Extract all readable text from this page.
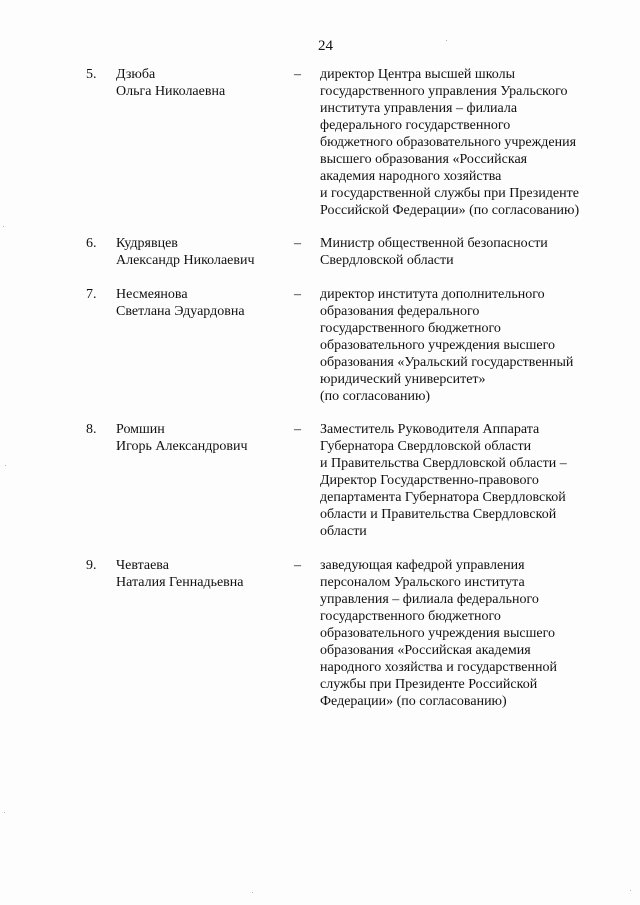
24
5. Дзюба
Ольга Николаевна
– директор Центра высшей школы
государственного управления Уральского
института управления – филиала
федерального государственного
бюджетного образовательного учреждения
высшего образования «Российская
академия народного хозяйства
и государственной службы при Президенте
Российской Федерации» (по согласованию)
6. Кудрявцев
Александр Николаевич
– Министр общественной безопасности
Свердловской области
7. Несмеянова
Светлана Эдуардовна
– директор института дополнительного
образования федерального
государственного бюджетного
образовательного учреждения высшего
образования «Уральский государственный
юридический университет»
(по согласованию)
8. Ромшин
Игорь Александрович
– Заместитель Руководителя Аппарата
Губернатора Свердловской области
и Правительства Свердловской области –
Директор Государственно-правового
департамента Губернатора Свердловской
области и Правительства Свердловской
области
9. Чевтаева
Наталия Геннадьевна
– заведующая кафедрой управления
персоналом Уральского института
управления – филиала федерального
государственного бюджетного
образовательного учреждения высшего
образования «Российская академия
народного хозяйства и государственной
службы при Президенте Российской
Федерации» (по согласованию)
